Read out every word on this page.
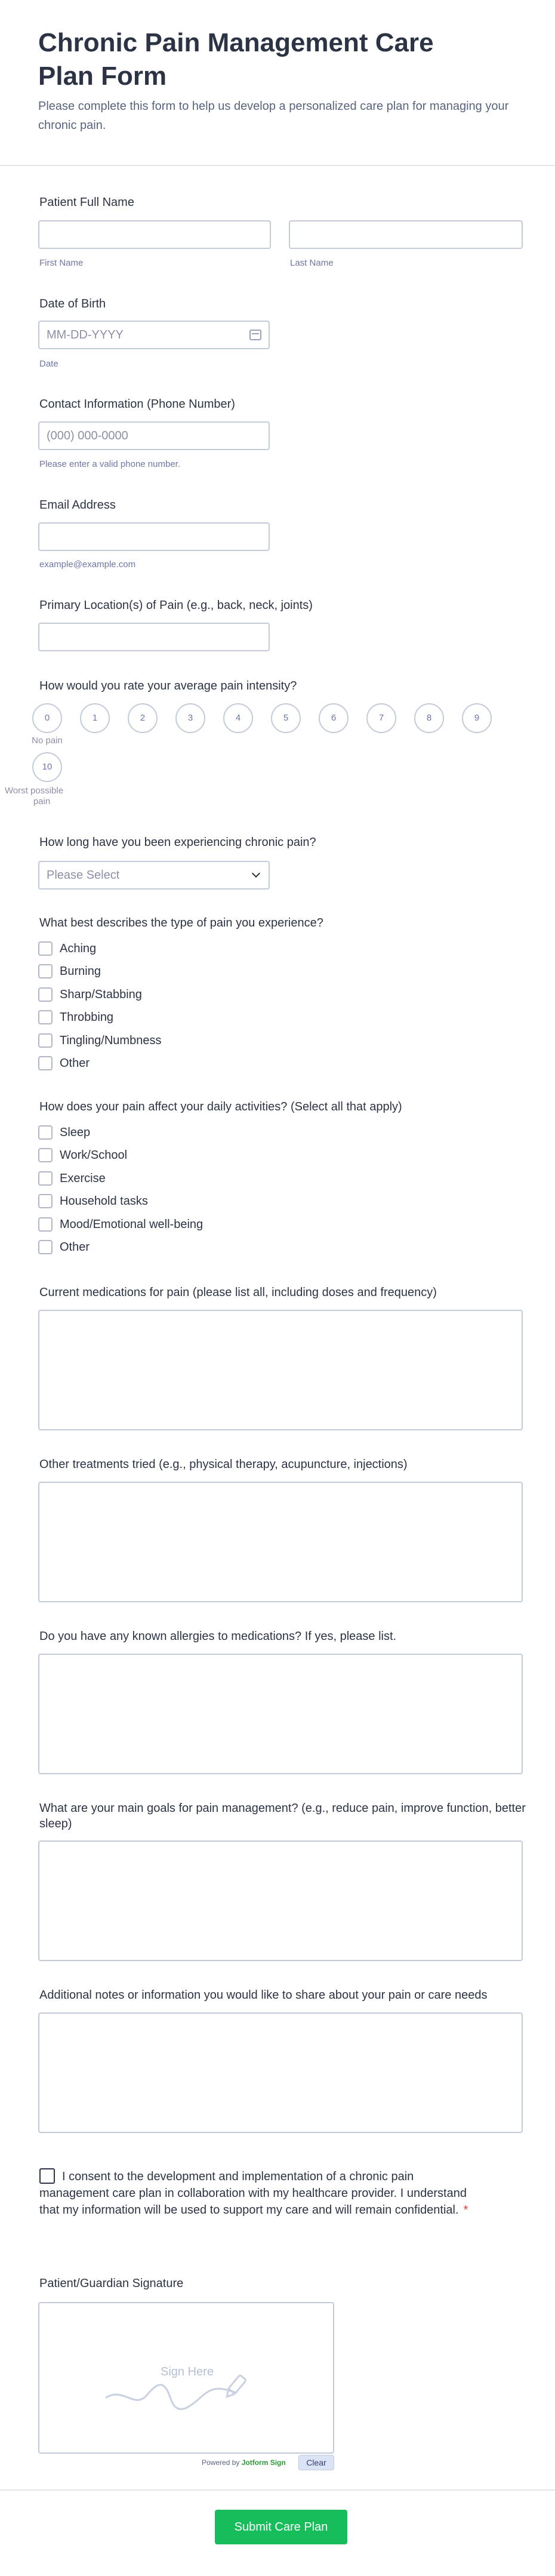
Chronic Pain Management Care Plan Form
Please complete this form to help us develop a personalized care plan for managing your chronic pain.
Patient Full Name
First Name	Last Name
Date of Birth
MM-DD-YYYY
Date
Contact Information (Phone Number)
(000) 000-0000
Please enter a valid phone number.
Email Address
example@example.com
Primary Location(s) of Pain (e.g., back, neck, joints)
How would you rate your average pain intensity?
0	1	2	3	4	5	6	7	8	9
No pain
10
Worst possible
pain
How long have you been experiencing chronic pain?
Please Select
What best describes the type of pain you experience?
Aching
Burning
Sharp/Stabbing
Throbbing
Tingling/Numbness
Other
How does your pain affect your daily activities? (Select all that apply)
Sleep
Work/School
Exercise
Household tasks
Mood/Emotional well-being
Other
Current medications for pain (please list all, including doses and frequency)
Other treatments tried (e.g., physical therapy, acupuncture, injections)
Do you have any known allergies to medications? If yes, please list.
What are your main goals for pain management? (e.g., reduce pain, improve function, better sleep)
Additional notes or information you would like to share about your pain or care needs
I consent to the development and implementation of a chronic pain management care plan in collaboration with my healthcare provider. I understand that my information will be used to support my care and will remain confidential. *
Patient/Guardian Signature
Sign Here
Powered by Jotform Sign	Clear
Submit Care Plan
